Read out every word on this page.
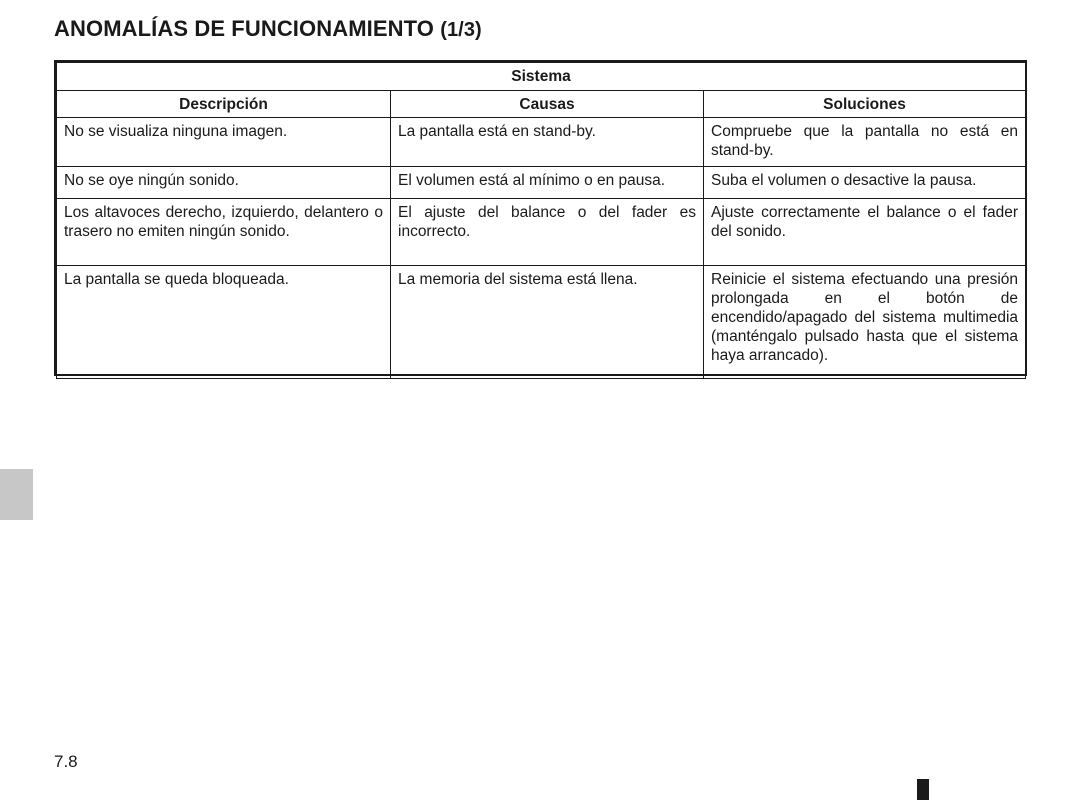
ANOMALÍAS DE FUNCIONAMIENTO (1/3)
Sistema		
Descripción	Causas	Soluciones
No se visualiza ninguna imagen.	La pantalla está en stand-by.	Compruebe que la pantalla no está en stand-by.
No se oye ningún sonido.	El volumen está al mínimo o en pausa.	Suba el volumen o desactive la pausa.
Los altavoces derecho, izquierdo, delantero o trasero no emiten ningún sonido.	El ajuste del balance o del fader es incorrecto.	Ajuste correctamente el balance o el fader del sonido.
La pantalla se queda bloqueada.	La memoria del sistema está llena.	Reinicie el sistema efectuando una presión prolongada en el botón de encendido/apagado del sistema multimedia (manténgalo pulsado hasta que el sistema haya arrancado).
7.8
